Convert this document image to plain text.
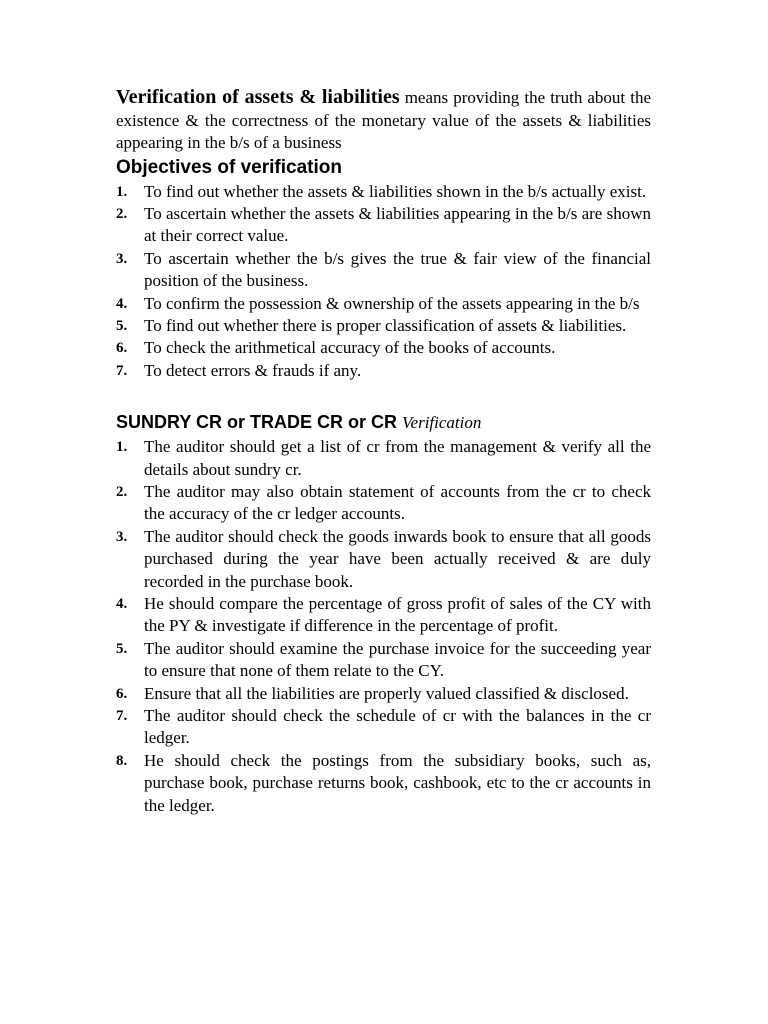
Verification of assets & liabilities means providing the truth about the existence & the correctness of the monetary value of the assets & liabilities appearing in the b/s of a business

Objectives of verification
1. To find out whether the assets & liabilities shown in the b/s actually exist.
2. To ascertain whether the assets & liabilities appearing in the b/s are shown at their correct value.
3. To ascertain whether the b/s gives the true & fair view of the financial position of the business.
4. To confirm the possession & ownership of the assets appearing in the b/s
5. To find out whether there is proper classification of assets & liabilities.
6. To check the arithmetical accuracy of the books of accounts.
7. To detect errors & frauds if any.
SUNDRY CR or TRADE CR or CR Verification
1. The auditor should get a list of cr from the management & verify all the details about sundry cr.
2. The auditor may also obtain statement of accounts from the cr to check the accuracy of the cr ledger accounts.
3. The auditor should check the goods inwards book to ensure that all goods purchased during the year have been actually received & are duly recorded in the purchase book.
4. He should compare the percentage of gross profit of sales of the CY with the PY & investigate if difference in the percentage of profit.
5. The auditor should examine the purchase invoice for the succeeding year to ensure that none of them relate to the CY.
6. Ensure that all the liabilities are properly valued classified & disclosed.
7. The auditor should check the schedule of cr with the balances in the cr ledger.
8. He should check the postings from the subsidiary books, such as, purchase book, purchase returns book, cashbook, etc to the cr accounts in the ledger.
